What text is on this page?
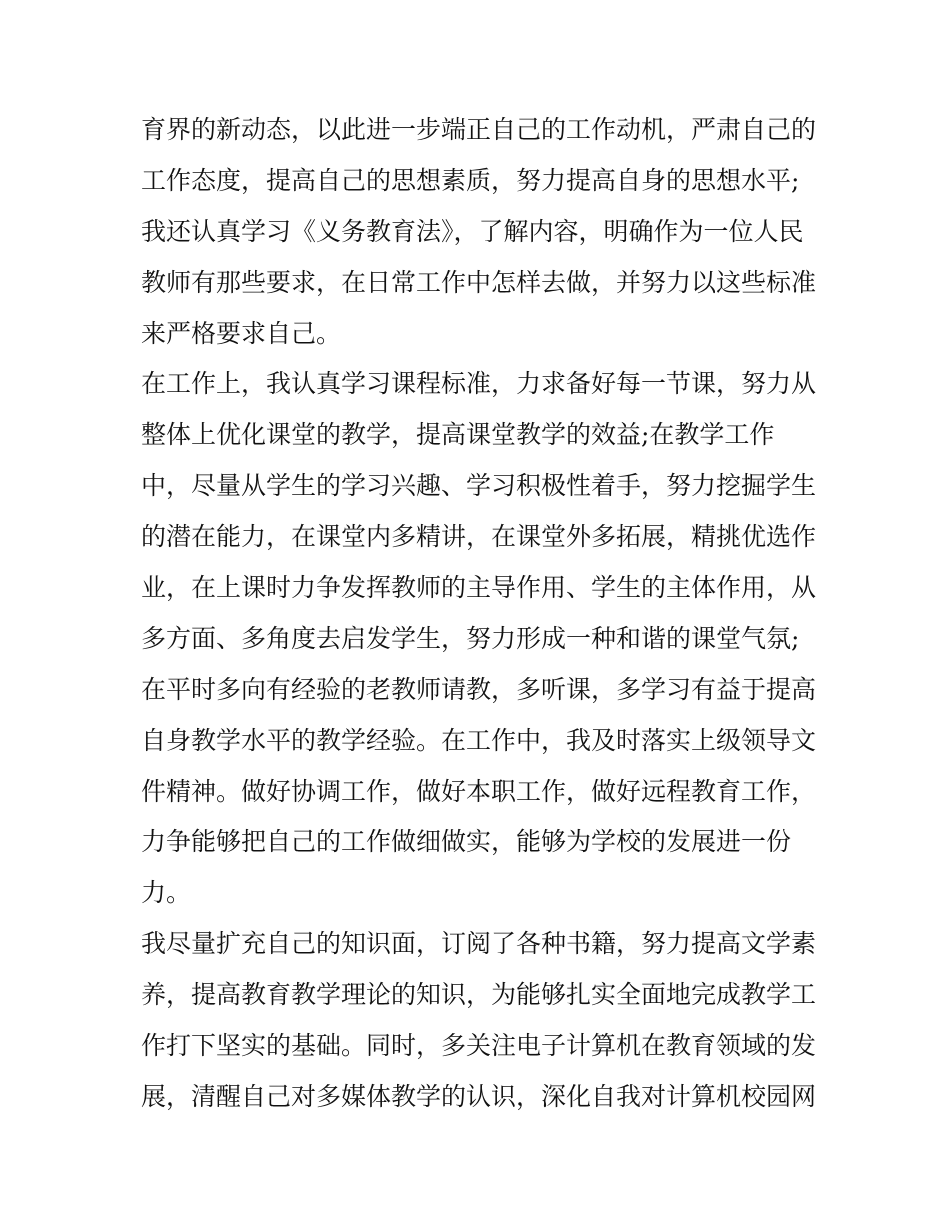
育界的新动态，以此进一步端正自己的工作动机，严肃自己的
工作态度，提高自己的思想素质，努力提高自身的思想水平;
我还认真学习《义务教育法》，了解内容，明确作为一位人民
教师有那些要求，在日常工作中怎样去做，并努力以这些标准
来严格要求自己。
在工作上，我认真学习课程标准，力求备好每一节课，努力从
整体上优化课堂的教学，提高课堂教学的效益;在教学工作
中，尽量从学生的学习兴趣、学习积极性着手，努力挖掘学生
的潜在能力，在课堂内多精讲，在课堂外多拓展，精挑优选作
业，在上课时力争发挥教师的主导作用、学生的主体作用，从
多方面、多角度去启发学生，努力形成一种和谐的课堂气氛;
在平时多向有经验的老教师请教，多听课，多学习有益于提高
自身教学水平的教学经验。在工作中，我及时落实上级领导文
件精神。做好协调工作，做好本职工作，做好远程教育工作，
力争能够把自己的工作做细做实，能够为学校的发展进一份
力。
我尽量扩充自己的知识面，订阅了各种书籍，努力提高文学素
养，提高教育教学理论的知识，为能够扎实全面地完成教学工
作打下坚实的基础。同时，多关注电子计算机在教育领域的发
展，清醒自己对多媒体教学的认识，深化自我对计算机校园网
